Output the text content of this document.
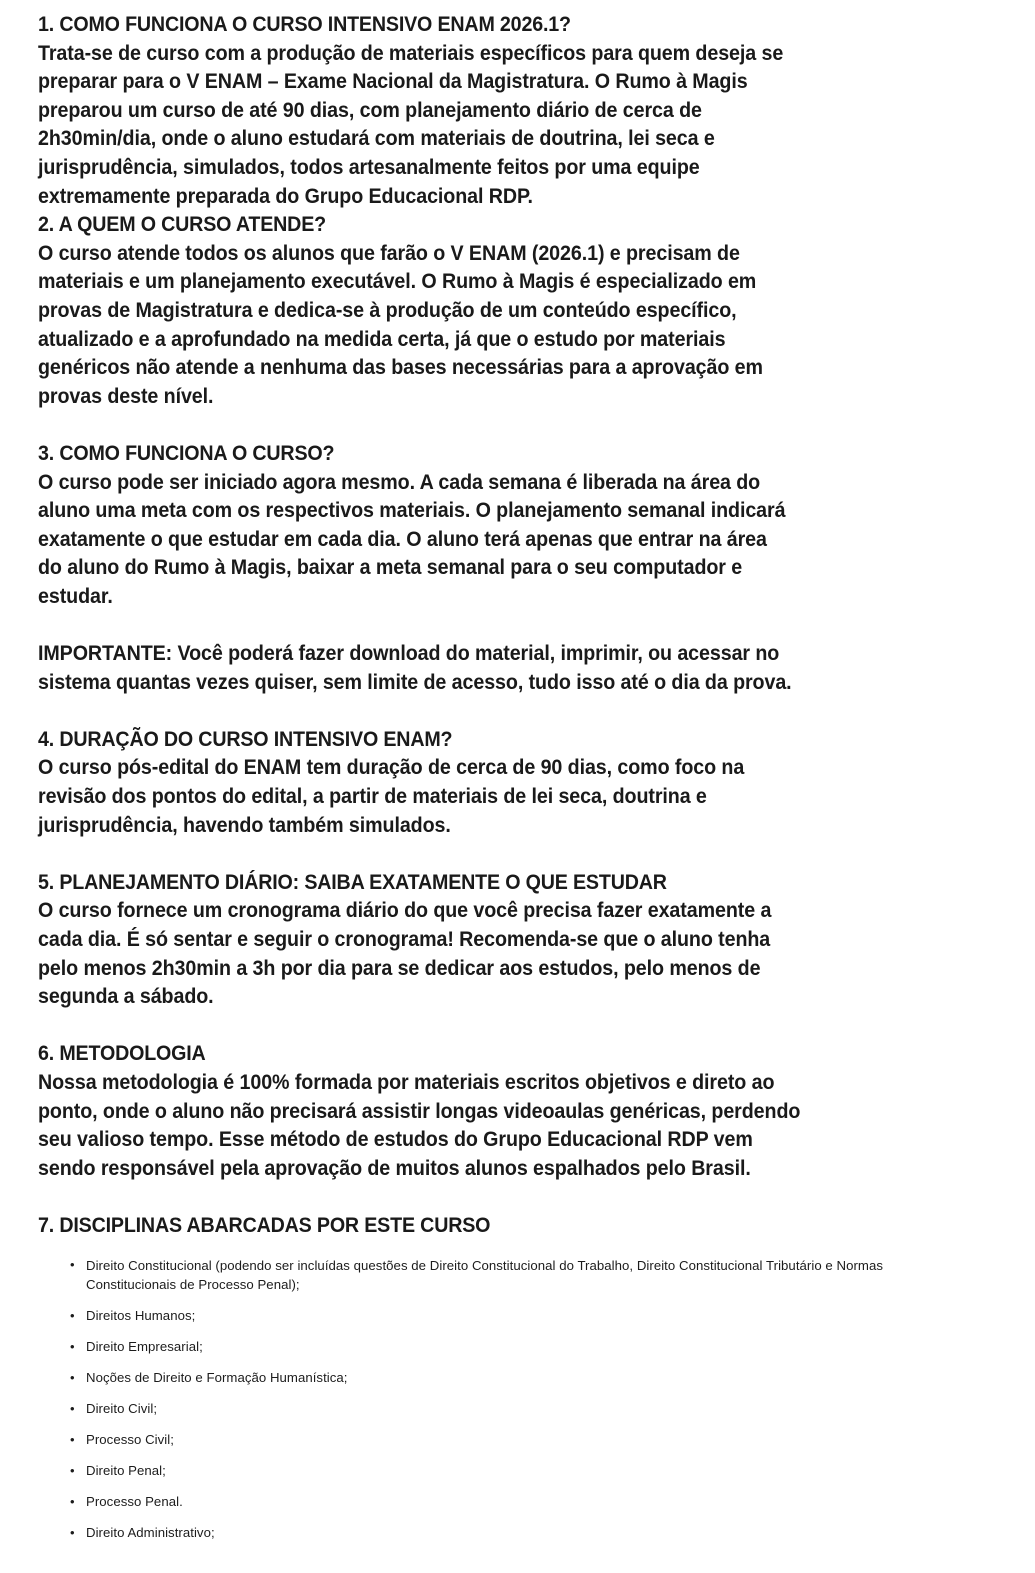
1. COMO FUNCIONA O CURSO INTENSIVO ENAM 2026.1?

Trata-se de curso com a produção de materiais específicos para quem deseja se

preparar para o V ENAM – Exame Nacional da Magistratura. O Rumo à Magis

preparou um curso de até 90 dias, com planejamento diário de cerca de

2h30min/dia, onde o aluno estudará com materiais de doutrina, lei seca e

jurisprudência, simulados, todos artesanalmente feitos por uma equipe

extremamente preparada do Grupo Educacional RDP.

2. A QUEM O CURSO ATENDE?

O curso atende todos os alunos que farão o V ENAM (2026.1) e precisam de

materiais e um planejamento executável. O Rumo à Magis é especializado em

provas de Magistratura e dedica-se à produção de um conteúdo específico,

atualizado e a aprofundado na medida certa, já que o estudo por materiais

genéricos não atende a nenhuma das bases necessárias para a aprovação em

provas deste nível.

3. COMO FUNCIONA O CURSO?

O curso pode ser iniciado agora mesmo. A cada semana é liberada na área do

aluno uma meta com os respectivos materiais. O planejamento semanal indicará

exatamente o que estudar em cada dia. O aluno terá apenas que entrar na área

do aluno do Rumo à Magis, baixar a meta semanal para o seu computador e

estudar.

IMPORTANTE: Você poderá fazer download do material, imprimir, ou acessar no

sistema quantas vezes quiser, sem limite de acesso, tudo isso até o dia da prova.

4. DURAÇÃO DO CURSO INTENSIVO ENAM?

O curso pós-edital do ENAM tem duração de cerca de 90 dias, como foco na

revisão dos pontos do edital, a partir de materiais de lei seca, doutrina e

jurisprudência, havendo também simulados.

5. PLANEJAMENTO DIÁRIO: SAIBA EXATAMENTE O QUE ESTUDAR

O curso fornece um cronograma diário do que você precisa fazer exatamente a

cada dia. É só sentar e seguir o cronograma! Recomenda-se que o aluno tenha

pelo menos 2h30min a 3h por dia para se dedicar aos estudos, pelo menos de

segunda a sábado.

6. METODOLOGIA

Nossa metodologia é 100% formada por materiais escritos objetivos e direto ao

ponto, onde o aluno não precisará assistir longas videoaulas genéricas, perdendo

seu valioso tempo. Esse método de estudos do Grupo Educacional RDP vem

sendo responsável pela aprovação de muitos alunos espalhados pelo Brasil.

7. DISCIPLINAS ABARCADAS POR ESTE CURSO

• Direito Constitucional (podendo ser incluídas questões de Direito Constitucional do Trabalho, Direito Constitucional Tributário e Normas Constitucionais de Processo Penal);
• Direitos Humanos;
• Direito Empresarial;
• Noções de Direito e Formação Humanística;
• Direito Civil;
• Processo Civil;
• Direito Penal;
• Processo Penal.
• Direito Administrativo;
